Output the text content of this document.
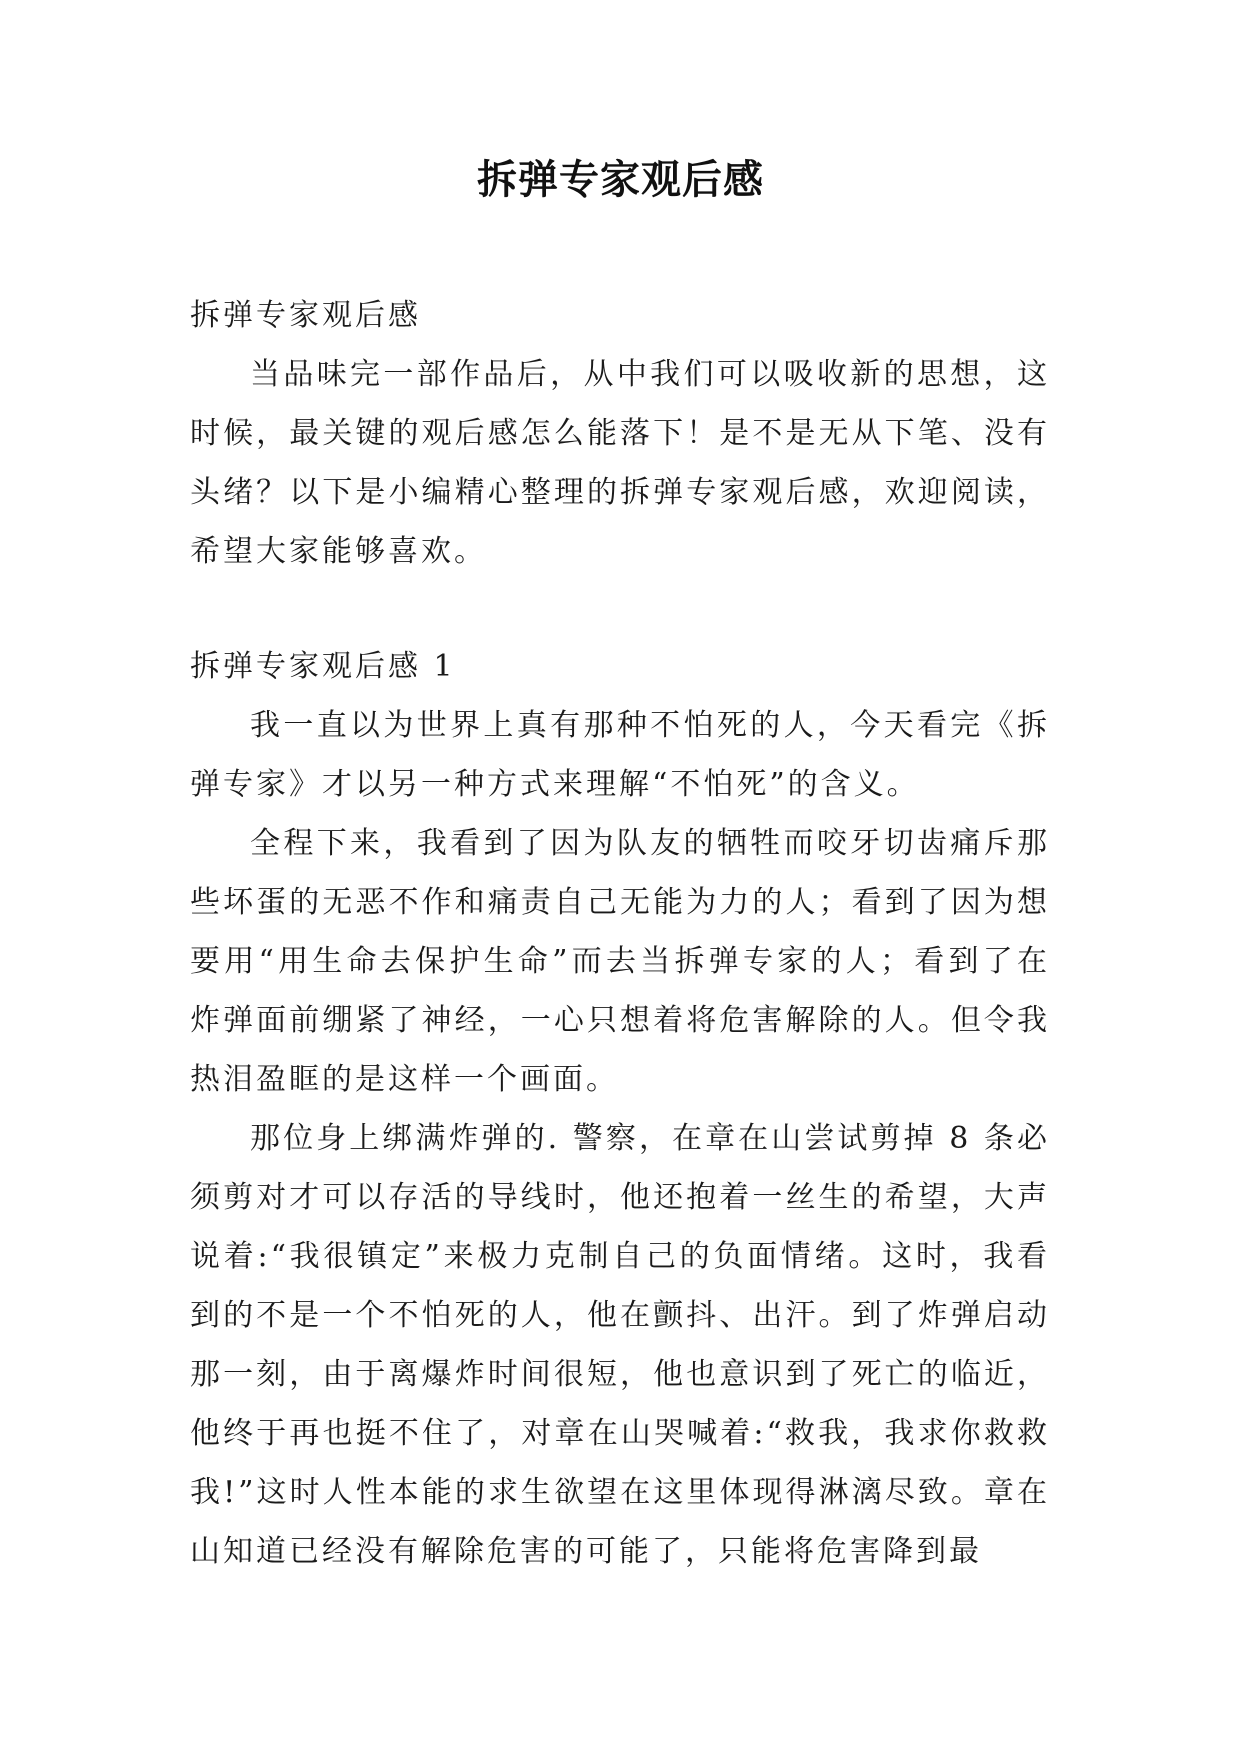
拆弹专家观后感

拆弹专家观后感

当品味完一部作品后，从中我们可以吸收新的思想，这时候，最关键的观后感怎么能落下！是不是无从下笔、没有头绪？以下是小编精心整理的拆弹专家观后感，欢迎阅读，希望大家能够喜欢。

拆弹专家观后感 1

我一直以为世界上真有那种不怕死的人，今天看完《拆弹专家》才以另一种方式来理解“不怕死”的含义。

全程下来，我看到了因为队友的牺牲而咬牙切齿痛斥那些坏蛋的无恶不作和痛责自己无能为力的人；看到了因为想要用“用生命去保护生命”而去当拆弹专家的人；看到了在炸弹面前绷紧了神经，一心只想着将危害解除的人。但令我热泪盈眶的是这样一个画面。

那位身上绑满炸弹的. 警察，在章在山尝试剪掉 8 条必须剪对才可以存活的导线时，他还抱着一丝生的希望，大声说着:“我很镇定”来极力克制自己的负面情绪。这时，我看到的不是一个不怕死的人，他在颤抖、出汗。到了炸弹启动那一刻，由于离爆炸时间很短，他也意识到了死亡的临近，他终于再也挺不住了，对章在山哭喊着:“救我，我求你救救我!”这时人性本能的求生欲望在这里体现得淋漓尽致。章在山知道已经没有解除危害的可能了，只能将危害降到最
